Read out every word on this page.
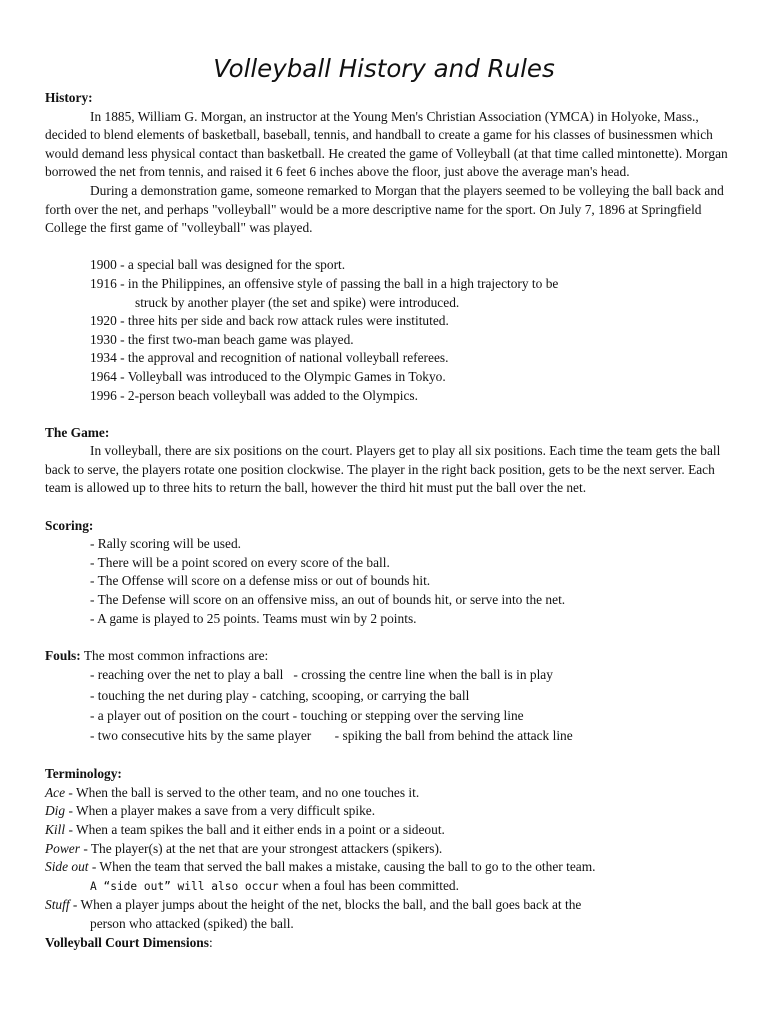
Volleyball History and Rules
History:

In 1885, William G. Morgan, an instructor at the Young Men's Christian Association (YMCA) in Holyoke, Mass., decided to blend elements of basketball, baseball, tennis, and handball to create a game for his classes of businessmen which would demand less physical contact than basketball. He created the game of Volleyball (at that time called mintonette). Morgan borrowed the net from tennis, and raised it 6 feet 6 inches above the floor, just above the average man's head.

During a demonstration game, someone remarked to Morgan that the players seemed to be volleying the ball back and forth over the net, and perhaps "volleyball" would be a more descriptive name for the sport. On July 7, 1896 at Springfield College the first game of "volleyball" was played.

1900 - a special ball was designed for the sport.

1916 - in the Philippines, an offensive style of passing the ball in a high trajectory to be

struck by another player (the set and spike) were introduced.

1920 - three hits per side and back row attack rules were instituted.

1930 - the first two-man beach game was played.

1934 - the approval and recognition of national volleyball referees.

1964 - Volleyball was introduced to the Olympic Games in Tokyo.

1996 - 2-person beach volleyball was added to the Olympics.

The Game:

In volleyball, there are six positions on the court. Players get to play all six positions. Each time the team gets the ball back to serve, the players rotate one position clockwise. The player in the right back position, gets to be the next server. Each team is allowed up to three hits to return the ball, however the third hit must put the ball over the net.

Scoring:

- Rally scoring will be used.

- There will be a point scored on every score of the ball.

- The Offense will score on a defense miss or out of bounds hit.

- The Defense will score on an offensive miss, an out of bounds hit, or serve into the net.

- A game is played to 25 points. Teams must win by 2 points.

Fouls: The most common infractions are:

- reaching over the net to play a ball   - crossing the centre line when the ball is in play

- touching the net during play - catching, scooping, or carrying the ball

- a player out of position on the court - touching or stepping over the serving line

- two consecutive hits by the same player       - spiking the ball from behind the attack line

Terminology:

Ace - When the ball is served to the other team, and no one touches it.

Dig - When a player makes a save from a very difficult spike.

Kill - When a team spikes the ball and it either ends in a point or a sideout.

Power - The player(s) at the net that are your strongest attackers (spikers).

Side out - When the team that served the ball makes a mistake, causing the ball to go to the other team.

A “side out” will also occur when a foul has been committed.

Stuff - When a player jumps about the height of the net, blocks the ball, and the ball goes back at the

person who attacked (spiked) the ball.

Volleyball Court Dimensions:
